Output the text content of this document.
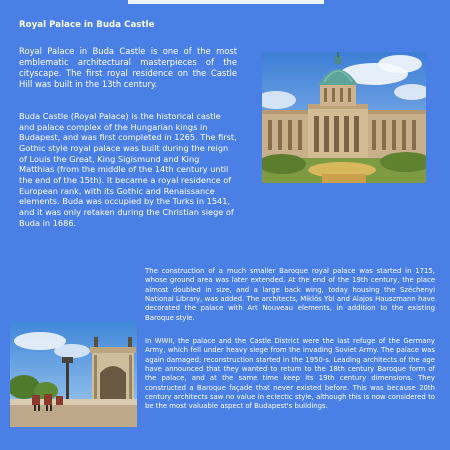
Royal Palace in Buda Castle

Royal Palace in Buda Castle is one of the most emblematic architectural masterpieces of the cityscape. The first royal residence on the Castle Hill was built in the 13th century.

Buda Castle (Royal Palace) is the historical castle and palace complex of the Hungarian kings in Budapest, and was first completed in 1265. The first, Gothic style royal palace was built during the reign of Louis the Great, King Sigismund and King Matthias (from the middle of the 14th century until the end of the 15th). It became a royal residence of European rank, with its Gothic and Renaissance elements. Buda was occupied by the Turks in 1541, and it was only retaken during the Christian siege of Buda in 1686.

The construction of a much smaller Baroque royal palace was started in 1715, whose ground area was later extended. At the end of the 19th century, the place almost doubled in size, and a large back wing, today housing the Széchenyi National Library, was added. The architects, Miklós Ybl and Alajos Hauszmann have decorated the palace with Art Nouveau elements, in addition to the existing Baroque style.

In WWII, the palace and the Castle District were the last refuge of the Germany Army, which fell under heavy siege from the invading Soviet Army. The palace was again damaged; reconstruction started in the 1950-s. Leading architects of the age have announced that they wanted to return to the 18th century Baroque form of the palace, and at the same time keep its 19th century dimensions. They constructed a Baroque façade that never existed before. This was because 20th century architects saw no value in eclectic style, although this is now considered to be the most valuable aspect of Budapest's buildings.
